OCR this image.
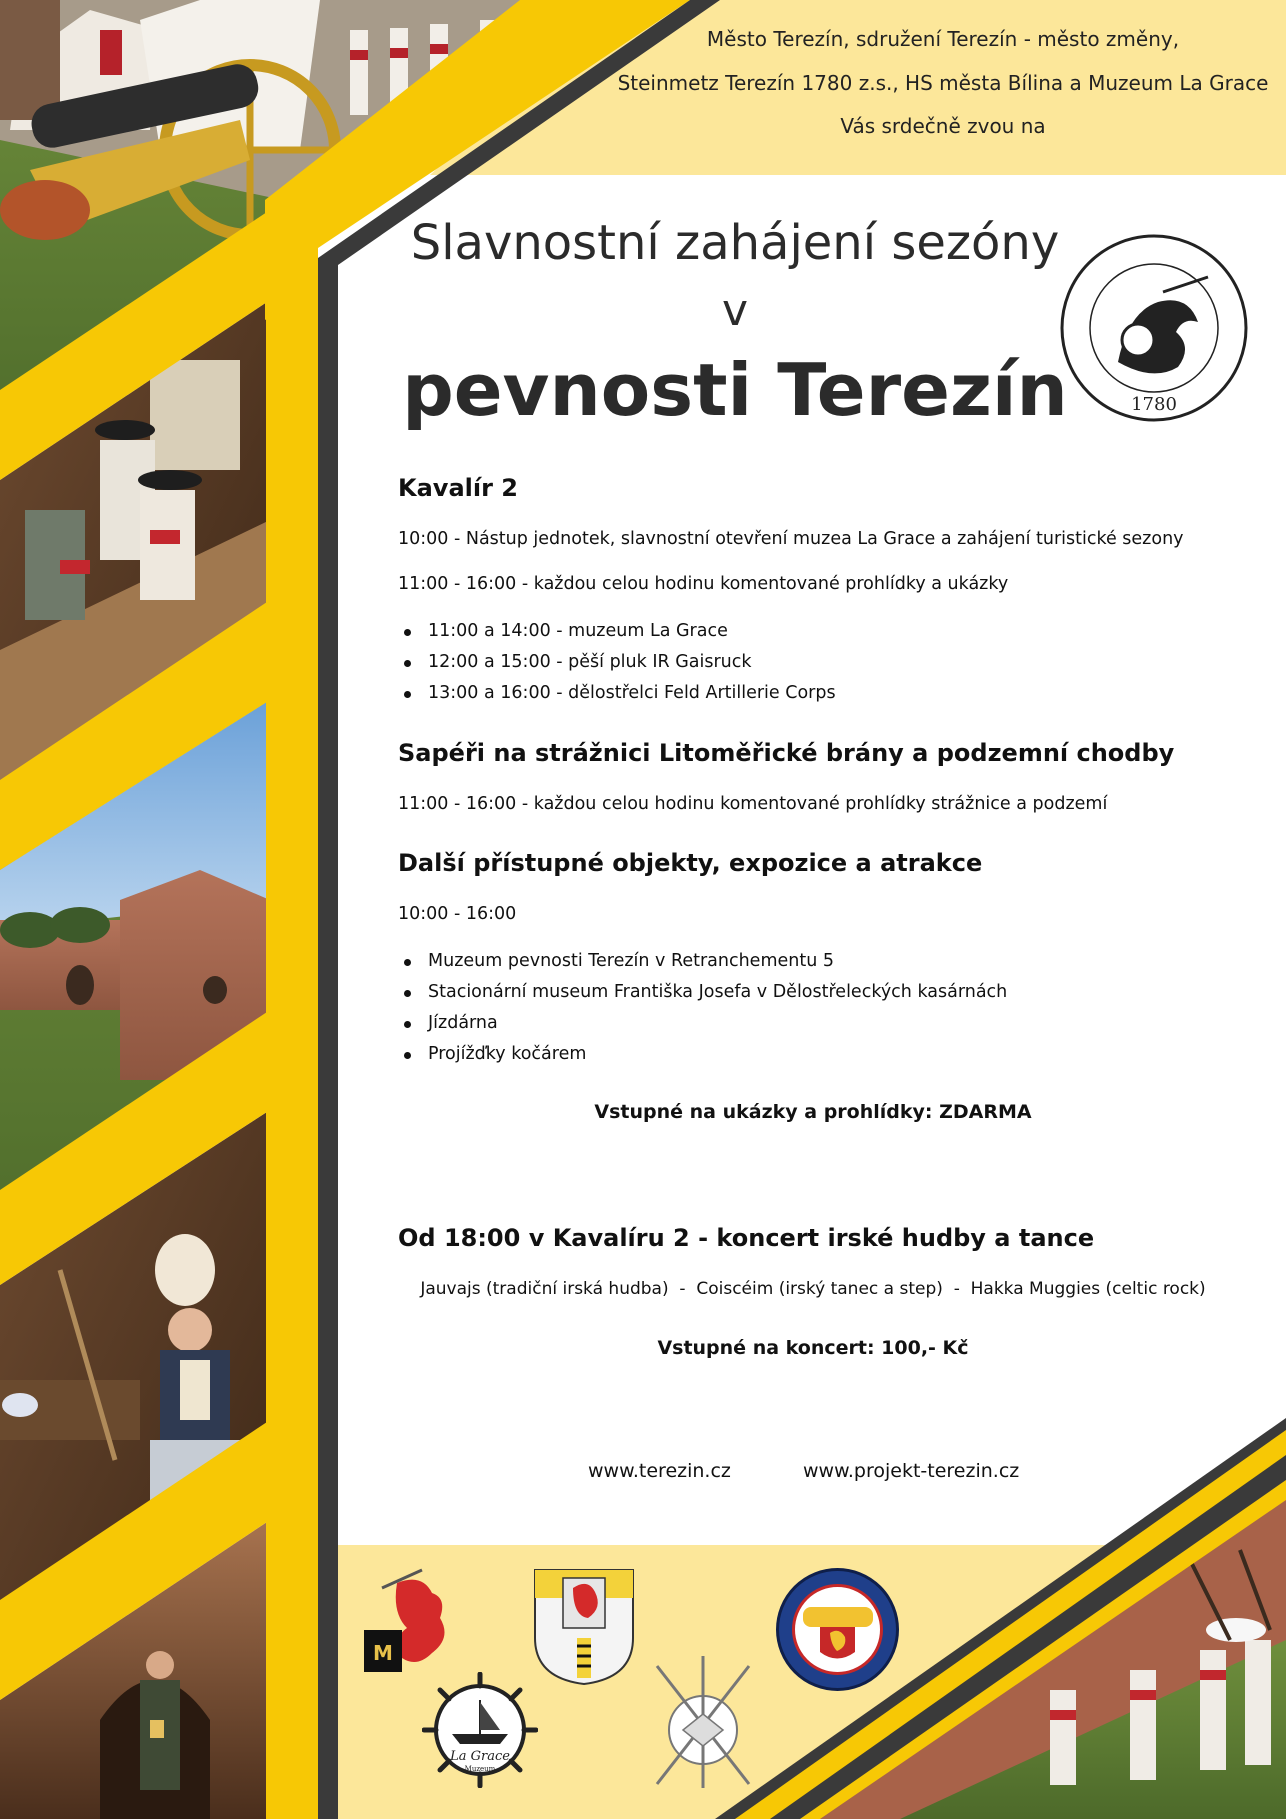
Město Terezín, sdružení Terezín - město změny,
Steinmetz Terezín 1780 z.s., HS města Bílina a Muzeum La Grace
Vás srdečně zvou na
Slavnostní zahájení sezóny
v
pevnosti Terezín	1780
Kavalír 2
10:00 - Nástup jednotek, slavnostní otevření muzea La Grace a zahájení turistické sezony
11:00 - 16:00 - každou celou hodinu komentované prohlídky a ukázky
11:00 a 14:00 - muzeum La Grace
12:00 a 15:00 - pěší pluk IR Gaisruck
13:00 a 16:00 - dělostřelci Feld Artillerie Corps
Sapéři na strážnici Litoměřické brány a podzemní chodby
11:00 - 16:00 - každou celou hodinu komentované prohlídky strážnice a podzemí
Další přístupné objekty, expozice a atrakce
10:00 - 16:00
Muzeum pevnosti Terezín v Retranchementu 5
Stacionární museum Františka Josefa v Dělostřeleckých kasárnách
Jízdárna
Projížďky kočárem
Vstupné na ukázky a prohlídky: ZDARMA
Od 18:00 v Kavalíru 2 - koncert irské hudby a tance
Jauvajs (tradiční irská hudba)  -  Coiscéim (irský tanec a step)  -  Hakka Muggies (celtic rock)
Vstupné na koncert: 100,- Kč
www.terezin.cz	www.projekt-terezin.cz
M
La Grace
Muzeum
